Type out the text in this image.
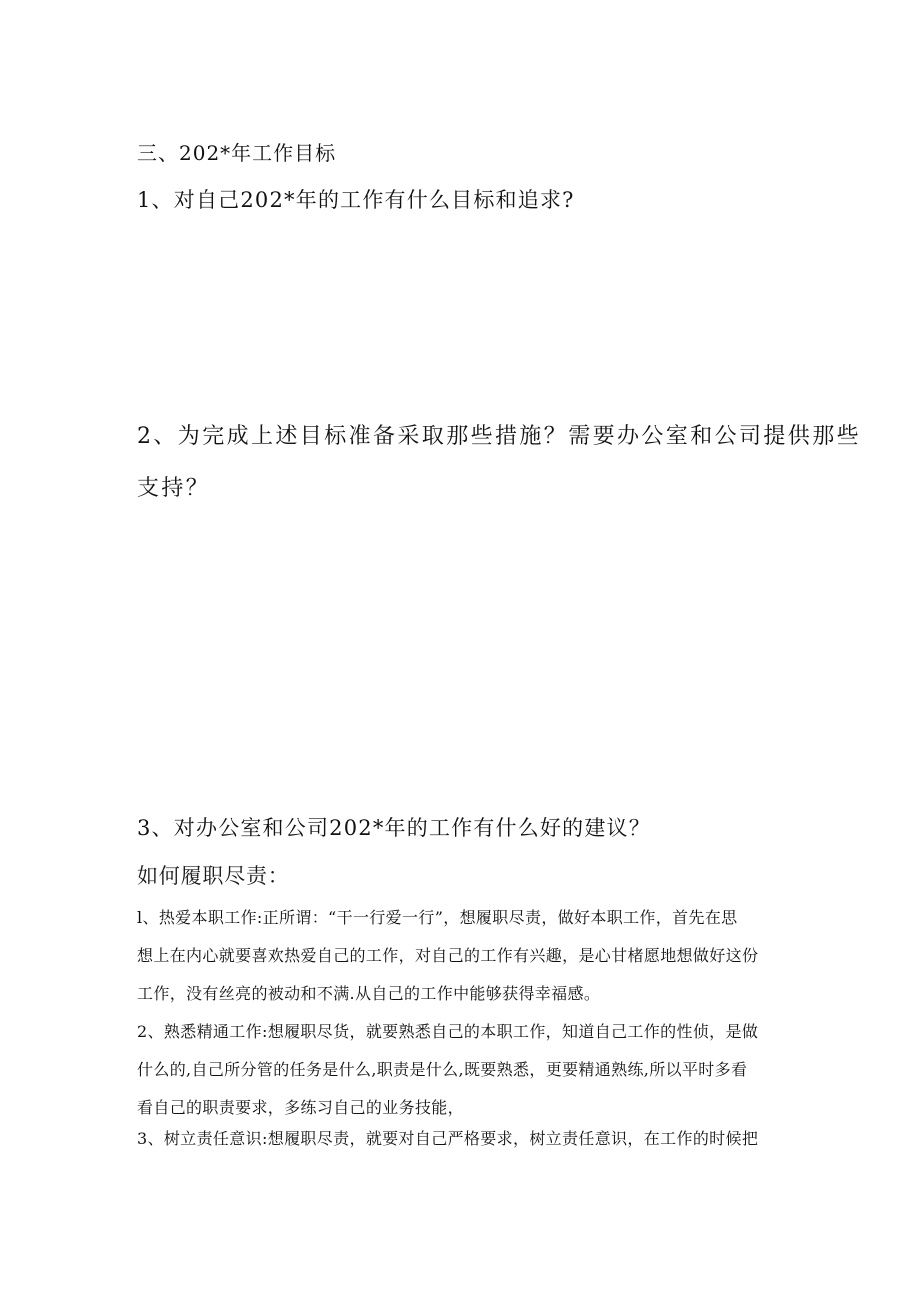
三、202*年工作目标
1、对自己202*年的工作有什么目标和追求?
2、为完成上述目标准备采取那些措施？需要办公室和公司提供那些
支持？
3、对办公室和公司202*年的工作有什么好的建议？
如何履职尽责：
l、热爱本职工作:正所谓：“干一行爱一行”，想履职尽责，做好本职工作，首先在思
想上在内心就要喜欢热爱自己的工作，对自己的工作有兴趣，是心甘楮愿地想做好这份
工作，没有丝亮的被动和不满.从自己的工作中能够获得幸福感。
2、熟悉精通工作:想履职尽货，就要熟悉自己的本职工作，知道自己工作的性侦，是做
什么的,自己所分管的任务是什么,职责是什么,既要熟悉，更要精通熟练,所以平时多看
看自己的职责要求，多练习自己的业务技能，
3、树立责任意识:想履职尽责，就要对自己严格要求，树立责任意识，在工作的时候把
